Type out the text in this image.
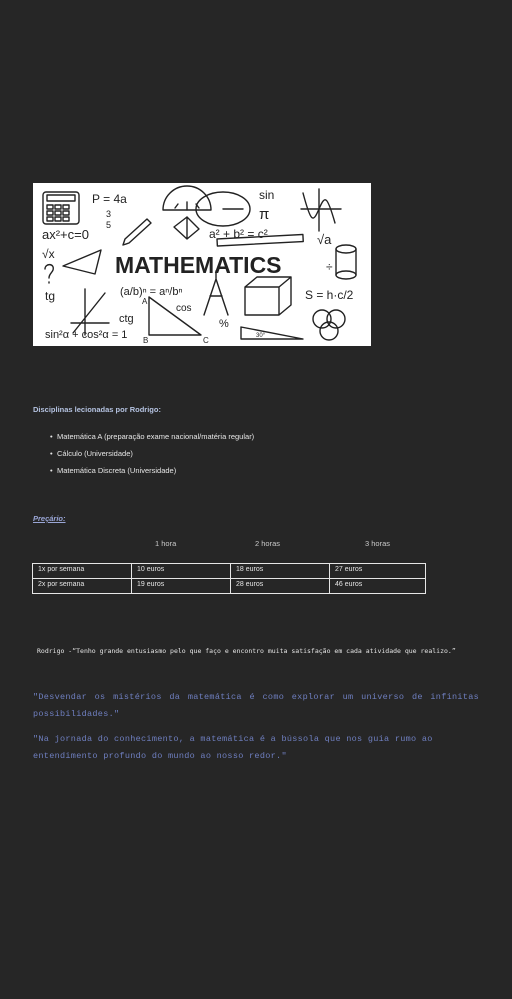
P = 4a
3
5
sin
π
ax²+c=0	a² + b² = c²	√a
√x	MATHEMATICS	÷
tg	(a/b)ⁿ = aⁿ/bⁿ	S = h·c/2
ctg
cos
%
sin²α + cos²α = 1
A
B	C	30°
Disciplinas lecionadas por Rodrigo:
• Matemática A (preparação exame nacional/matéria regular)
• Cálculo (Universidade)
• Matemática Discreta (Universidade)
Preçário:
1 hora	2 horas	3 horas
1x por semana	10 euros	18 euros	27 euros
2x por semana	19 euros	28 euros	46 euros
Rodrigo -“Tenho grande entusiasmo pelo que faço e encontro muita satisfação em cada atividade que realizo.”
"Desvendar os mistérios da matemática é como explorar um universo de infinitas possibilidades."
"Na jornada do conhecimento, a matemática é a bússola que nos guia rumo ao entendimento profundo do mundo ao nosso redor."
